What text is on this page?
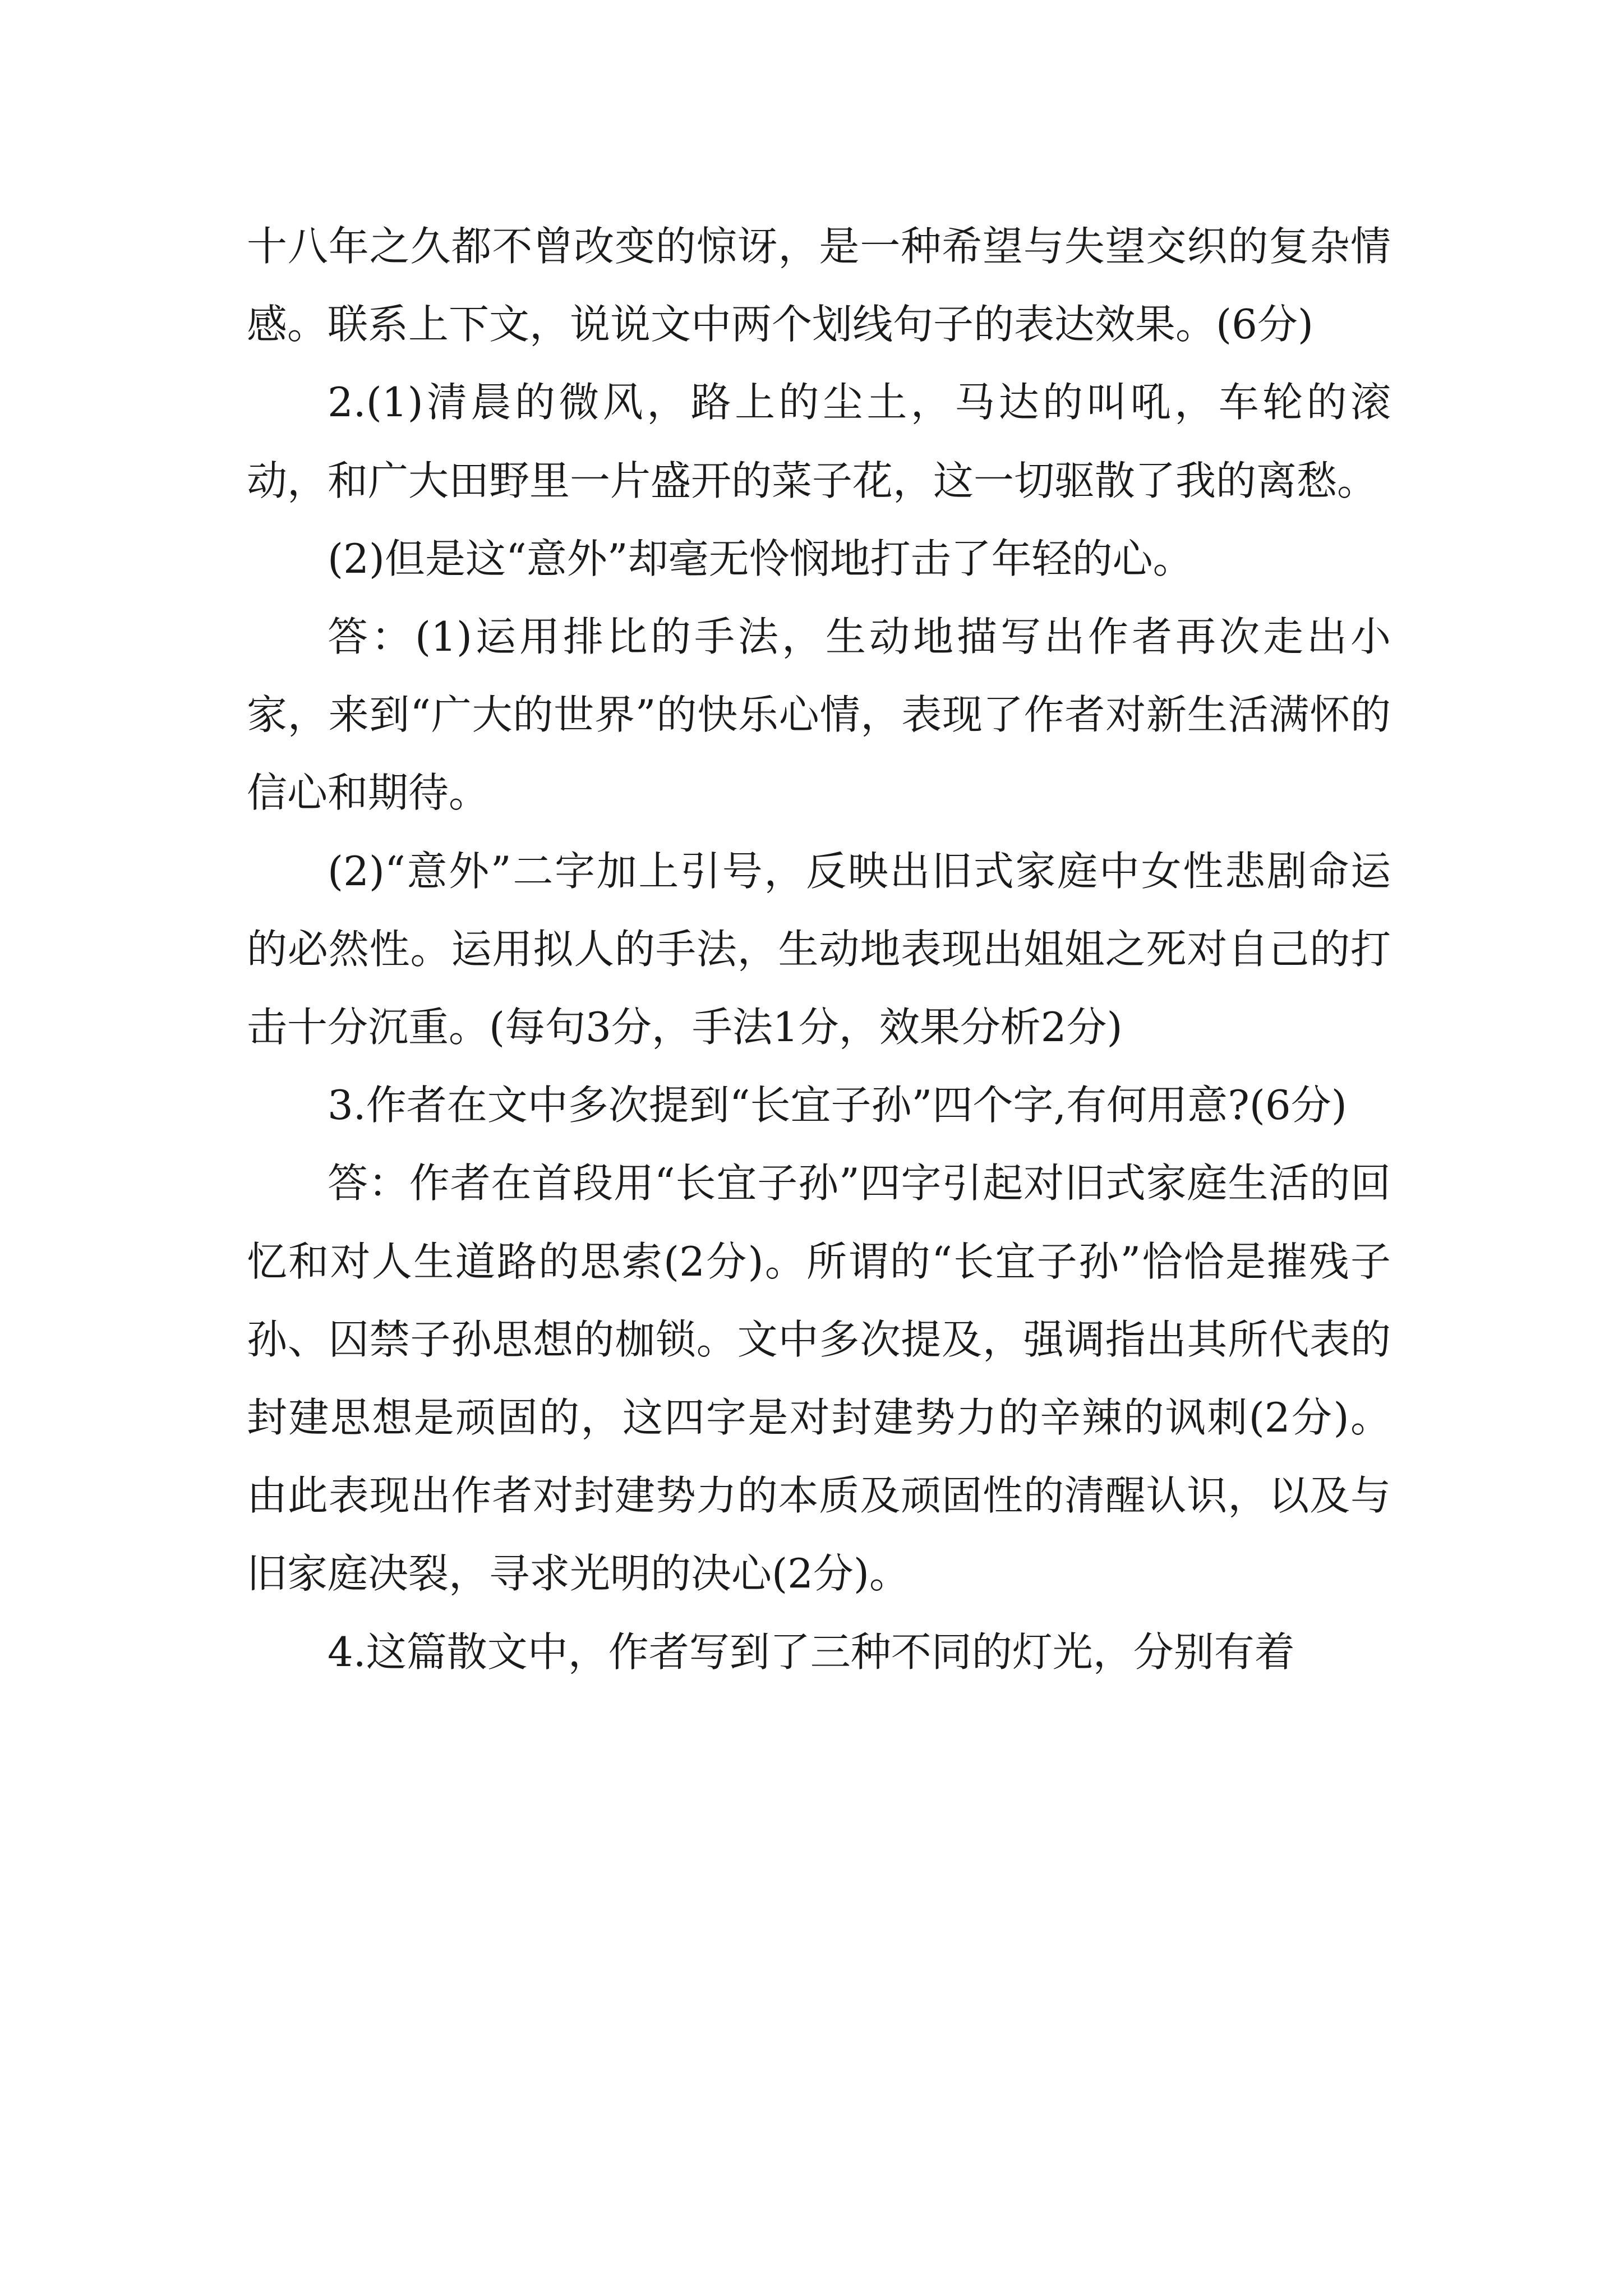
十八年之久都不曾改变的惊讶，是一种希望与失望交织的复杂情感。联系上下文，说说文中两个划线句子的表达效果。(6分)

2.(1)清晨的微风，路上的尘土，马达的叫吼，车轮的滚动，和广大田野里一片盛开的菜子花，这一切驱散了我的离愁。

(2)但是这“意外”却毫无怜悯地打击了年轻的心。

答：(1)运用排比的手法，生动地描写出作者再次走出小家，来到“广大的世界”的快乐心情，表现了作者对新生活满怀的信心和期待。

(2)“意外”二字加上引号，反映出旧式家庭中女性悲剧命运的必然性。运用拟人的手法，生动地表现出姐姐之死对自己的打击十分沉重。(每句3分，手法1分，效果分析2分)

3.作者在文中多次提到“长宜子孙”四个字,有何用意?(6分)

答：作者在首段用“长宜子孙”四字引起对旧式家庭生活的回忆和对人生道路的思索(2分)。所谓的“长宜子孙”恰恰是摧残子孙、囚禁子孙思想的枷锁。文中多次提及，强调指出其所代表的封建思想是顽固的，这四字是对封建势力的辛辣的讽刺(2分)。由此表现出作者对封建势力的本质及顽固性的清醒认识，以及与旧家庭决裂，寻求光明的决心(2分)。

4.这篇散文中，作者写到了三种不同的灯光，分别有着
